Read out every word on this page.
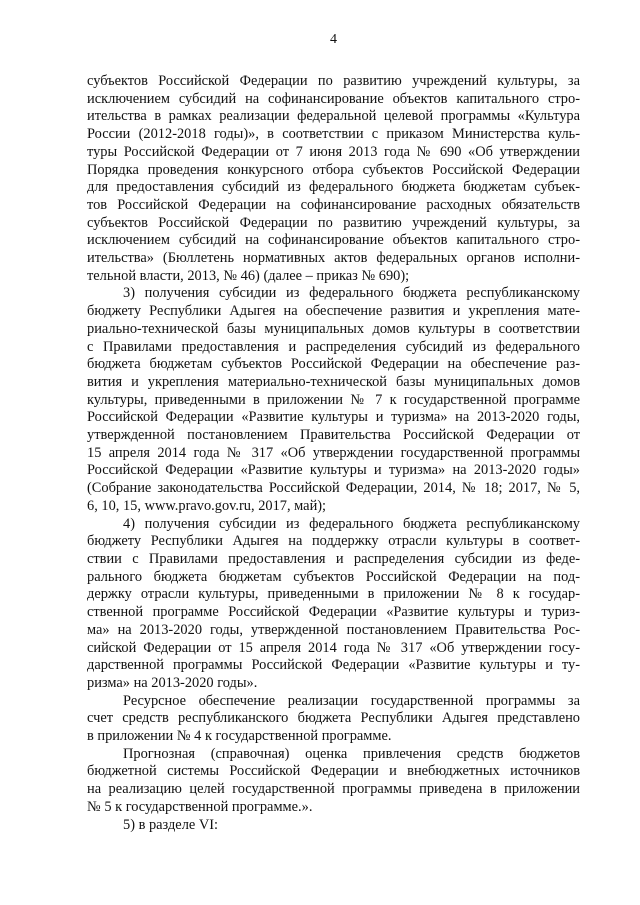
4

субъектов Российской Федерации по развитию учреждений культуры, за
исключением субсидий на софинансирование объектов капитального стро-
ительства в рамках реализации федеральной целевой программы «Культура
России (2012-2018 годы)», в соответствии с приказом Министерства куль-
туры Российской Федерации от 7 июня 2013 года № 690 «Об утверждении
Порядка проведения конкурсного отбора субъектов Российской Федерации
для предоставления субсидий из федерального бюджета бюджетам субъек-
тов Российской Федерации на софинансирование расходных обязательств
субъектов Российской Федерации по развитию учреждений культуры, за
исключением субсидий на софинансирование объектов капитального стро-
ительства» (Бюллетень нормативных актов федеральных органов исполни-
тельной власти, 2013, № 46) (далее – приказ № 690);

3) получения субсидии из федерального бюджета республиканскому
бюджету Республики Адыгея на обеспечение развития и укрепления мате-
риально-технической базы муниципальных домов культуры в соответствии
с Правилами предоставления и распределения субсидий из федерального
бюджета бюджетам субъектов Российской Федерации на обеспечение раз-
вития и укрепления материально-технической базы муниципальных домов
культуры, приведенными в приложении № 7 к государственной программе
Российской Федерации «Развитие культуры и туризма» на 2013-2020 годы,
утвержденной постановлением Правительства Российской Федерации от
15 апреля 2014 года № 317 «Об утверждении государственной программы
Российской Федерации «Развитие культуры и туризма» на 2013-2020 годы»
(Собрание законодательства Российской Федерации, 2014, № 18; 2017, № 5,
6, 10, 15, www.pravo.gov.ru, 2017, май);

4) получения субсидии из федерального бюджета республиканскому
бюджету Республики Адыгея на поддержку отрасли культуры в соответ-
ствии с Правилами предоставления и распределения субсидии из феде-
рального бюджета бюджетам субъектов Российской Федерации на под-
держку отрасли культуры, приведенными в приложении № 8 к государ-
ственной программе Российской Федерации «Развитие культуры и туриз-
ма» на 2013-2020 годы, утвержденной постановлением Правительства Рос-
сийской Федерации от 15 апреля 2014 года № 317 «Об утверждении госу-
дарственной программы Российской Федерации «Развитие культуры и ту-
ризма» на 2013-2020 годы».

Ресурсное обеспечение реализации государственной программы за
счет средств республиканского бюджета Республики Адыгея представлено
в приложении № 4 к государственной программе.

Прогнозная (справочная) оценка привлечения средств бюджетов
бюджетной системы Российской Федерации и внебюджетных источников
на реализацию целей государственной программы приведена в приложении
№ 5 к государственной программе.».

5) в разделе VI:
